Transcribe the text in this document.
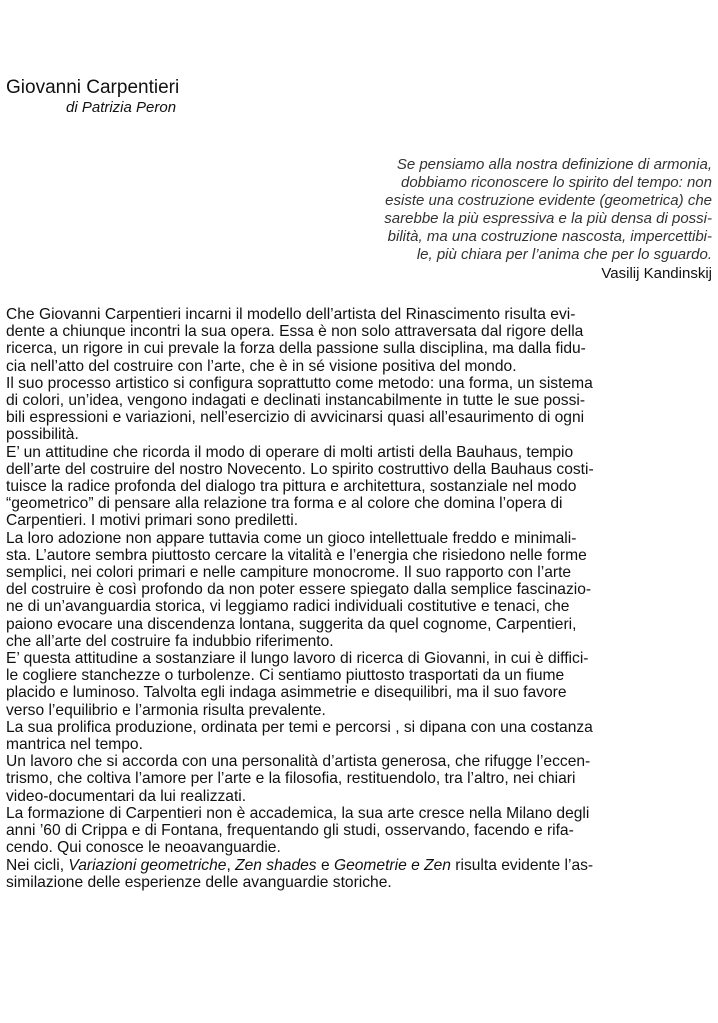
Giovanni Carpentieri
di Patrizia Peron
Se pensiamo alla nostra definizione di armonia,
dobbiamo riconoscere lo spirito del tempo: non
esiste una costruzione evidente (geometrica) che
sarebbe la più espressiva e la più densa di possi-
bilità, ma una costruzione nascosta, impercettibi-
le, più chiara per l’anima che per lo sguardo.
Vasilij Kandinskij
Che Giovanni Carpentieri incarni il modello dell’artista del Rinascimento risulta evi-
dente a chiunque incontri la sua opera. Essa è non solo attraversata dal rigore della
ricerca, un rigore in cui prevale la forza della passione sulla disciplina, ma dalla fidu-
cia nell’atto del costruire con l’arte, che è in sé visione positiva del mondo.
Il suo processo artistico si configura soprattutto come metodo: una forma, un sistema
di colori, un’idea, vengono indagati e declinati instancabilmente in tutte le sue possi-
bili espressioni e variazioni, nell’esercizio di avvicinarsi quasi all’esaurimento di ogni
possibilità.
E’ un attitudine che ricorda il modo di operare di molti artisti della Bauhaus, tempio
dell’arte del costruire del nostro Novecento. Lo spirito costruttivo della Bauhaus costi-
tuisce la radice profonda del dialogo tra pittura e architettura, sostanziale nel modo
“geometrico” di pensare alla relazione tra forma e al colore che domina l’opera di
Carpentieri. I motivi primari sono prediletti.
La loro adozione non appare tuttavia come un gioco intellettuale freddo e minimali-
sta. L’autore sembra piuttosto cercare la vitalità e l’energia che risiedono nelle forme
semplici, nei colori primari e nelle campiture monocrome. Il suo rapporto con l’arte
del costruire è così profondo da non poter essere spiegato dalla semplice fascinazio-
ne di un’avanguardia storica, vi leggiamo radici individuali costitutive e tenaci, che
paiono evocare una discendenza lontana, suggerita da quel cognome, Carpentieri,
che all’arte del costruire fa indubbio riferimento.
E’ questa attitudine a sostanziare il lungo lavoro di ricerca di Giovanni, in cui è diffici-
le cogliere stanchezze o turbolenze. Ci sentiamo piuttosto trasportati da un fiume
placido e luminoso. Talvolta egli indaga asimmetrie e disequilibri, ma il suo favore
verso l’equilibrio e l’armonia risulta prevalente.
La sua prolifica produzione, ordinata per temi e percorsi , si dipana con una costanza
mantrica nel tempo.
Un lavoro che si accorda con una personalità d’artista generosa, che rifugge l’eccen-
trismo, che coltiva l’amore per l’arte e la filosofia, restituendolo, tra l’altro, nei chiari
video-documentari da lui realizzati.
La formazione di Carpentieri non è accademica, la sua arte cresce nella Milano degli
anni ’60 di Crippa e di Fontana, frequentando gli studi, osservando, facendo e rifa-
cendo. Qui conosce le neoavanguardie.
Nei cicli, Variazioni geometriche, Zen shades e Geometrie e Zen risulta evidente l’as-
similazione delle esperienze delle avanguardie storiche.
